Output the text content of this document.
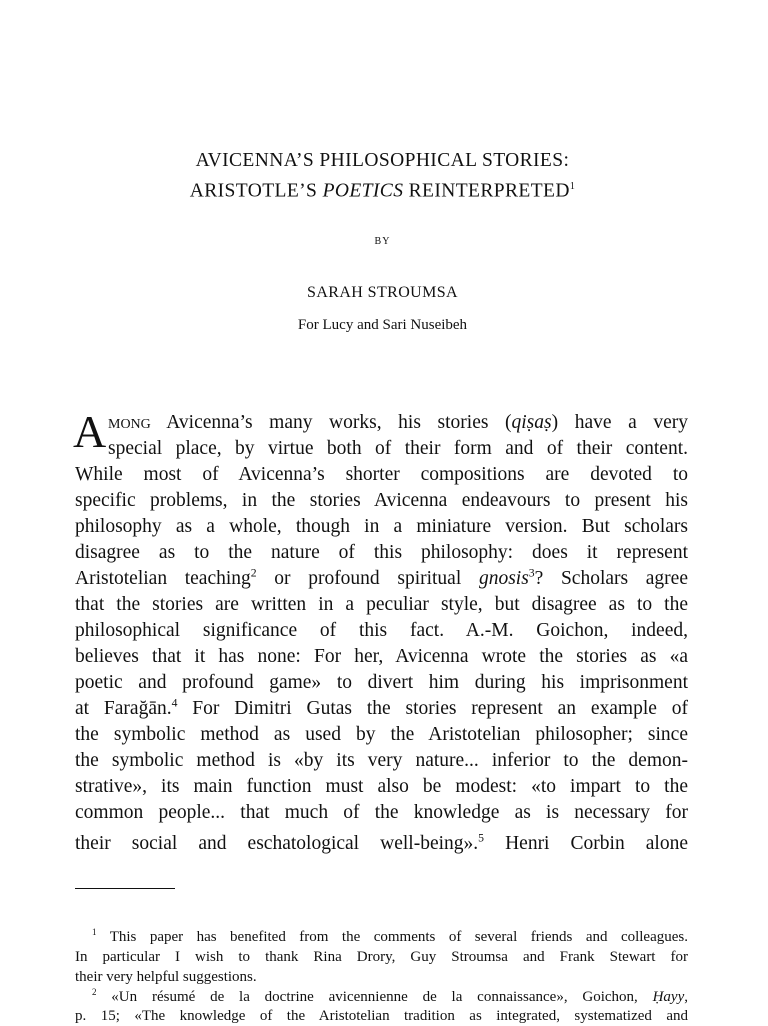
AVICENNA’S PHILOSOPHICAL STORIES:
ARISTOTLE’S POETICS REINTERPRETED$^1$
BY
SARAH STROUMSA
For Lucy and Sari Nuseibeh
A mong Avicenna’s many works, his stories (qiṣaṣ) have a very
special place, by virtue both of their form and of their content.
While most of Avicenna’s shorter compositions are devoted to
specific problems, in the stories Avicenna endeavours to present his
philosophy as a whole, though in a miniature version. But scholars
disagree as to the nature of this philosophy: does it represent
Aristotelian teaching$^2$ or profound spiritual gnosis$^3$? Scholars agree
that the stories are written in a peculiar style, but disagree as to the
philosophical significance of this fact. A.-M. Goichon, indeed,
believes that it has none: For her, Avicenna wrote the stories as «a
poetic and profound game» to divert him during his imprisonment
at Farağān.$^4$ For Dimitri Gutas the stories represent an example of
the symbolic method as used by the Aristotelian philosopher; since
the symbolic method is «by its very nature... inferior to the demon-
strative», its main function must also be modest: «to impart to the
common people... that much of the knowledge as is necessary for
their social and eschatological well-being».$^5$ Henri Corbin alone
$^1$ This paper has benefited from the comments of several friends and colleagues.
In particular I wish to thank Rina Drory, Guy Stroumsa and Frank Stewart for
their very helpful suggestions.
$^2$ «Un résumé de la doctrine avicennienne de la connaissance», Goichon, Ḥayy,
p. 15; «The knowledge of the Aristotelian tradition as integrated, systematized and
